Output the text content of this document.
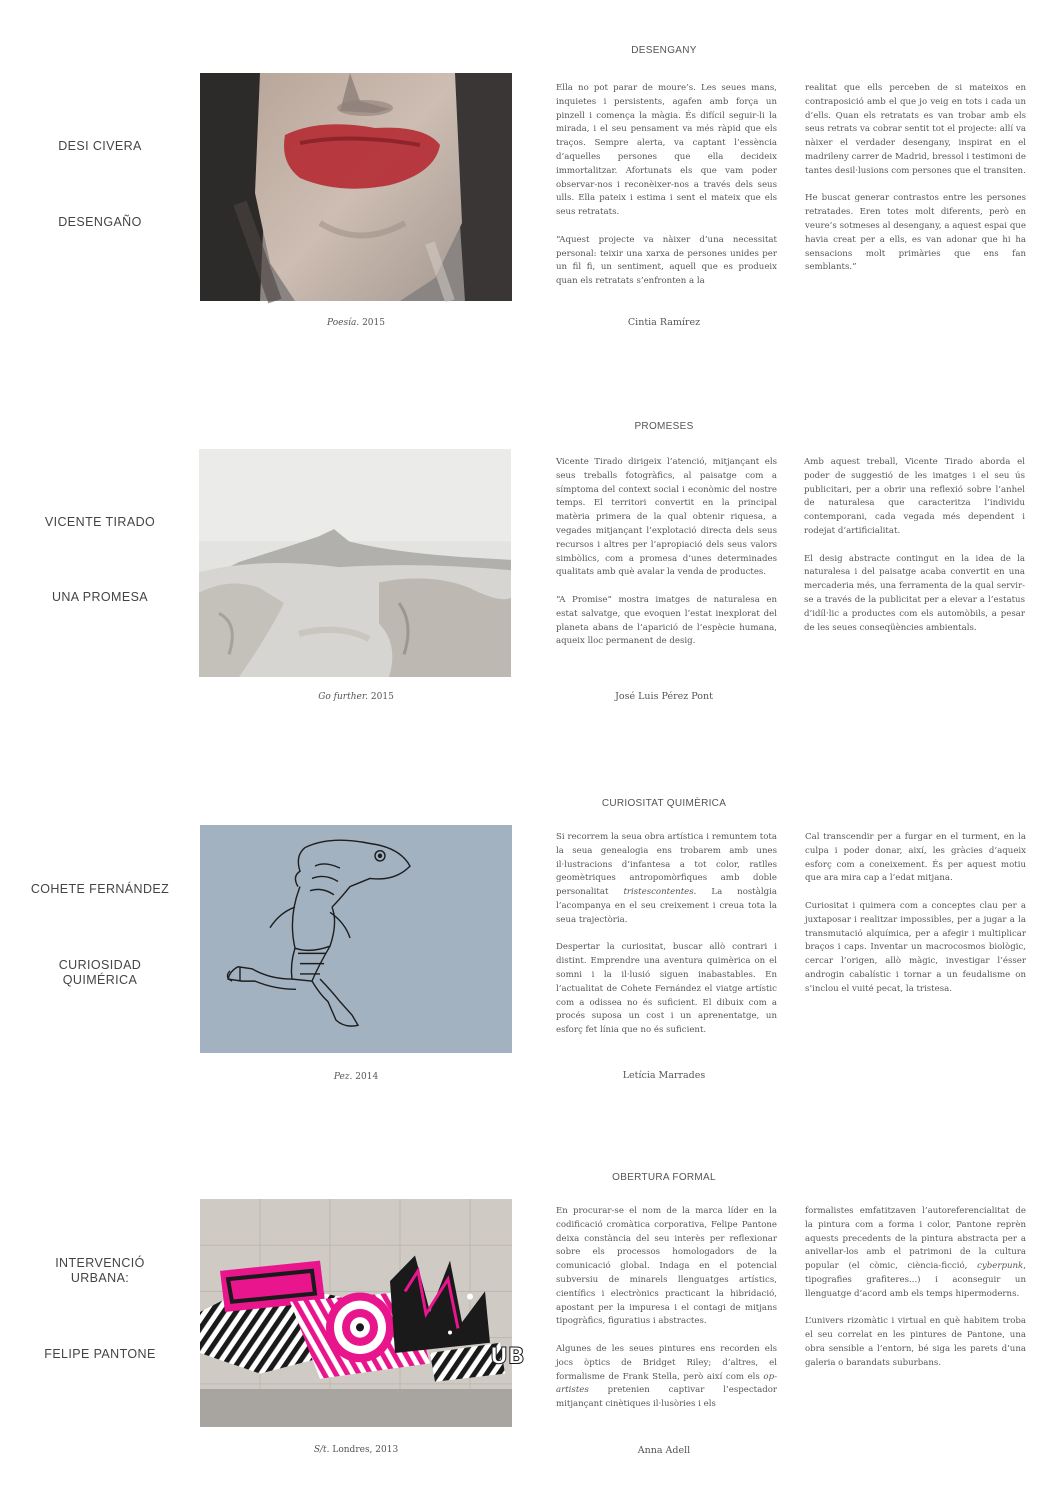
DESENGANY
DESI CIVERA
DESENGAÑO

Ella no pot parar de moure’s. Les seues mans, inquietes i persistents, agafen amb força un pinzell i comença la màgia. És difícil seguir-li la mirada, i el seu pensament va més ràpid que els traços. Sempre alerta, va captant l’essència d’aquelles persones que ella decideix immortalitzar. Afortunats els que vam poder observar-nos i reconèixer-nos a través dels seus ulls. Ella pateix i estima i sent el mateix que els seus retratats.

“Aquest projecte va nàixer d’una necessitat personal: teixir una xarxa de persones unides per un fil fi, un sentiment, aquell que es produeix quan els retratats s’enfronten a la

realitat que ells perceben de si mateixos en contraposició amb el que jo veig en tots i cada un d’ells. Quan els retratats es van trobar amb els seus retrats va cobrar sentit tot el projecte: allí va nàixer el verdader desengany, inspirat en el madrileny carrer de Madrid, bressol i testimoni de tantes desil·lusions com persones que el transiten.

He buscat generar contrastos entre les persones retratades. Eren totes molt diferents, però en veure’s sotmeses al desengany, a aquest espai que havia creat per a ells, es van adonar que hi ha sensacions molt primàries que ens fan semblants.”

Poesía. 2015	Cintia Ramírez
PROMESES
VICENTE TIRADO
UNA PROMESA

Vicente Tirado dirigeix l’atenció, mitjançant els seus treballs fotogràfics, al paisatge com a símptoma del context social i econòmic del nostre temps. El territori convertit en la principal matèria primera de la qual obtenir riquesa, a vegades mitjançant l’explotació directa dels seus recursos i altres per l’apropiació dels seus valors simbòlics, com a promesa d’unes determinades qualitats amb què avalar la venda de productes.

“A Promise” mostra imatges de naturalesa en estat salvatge, que evoquen l’estat inexplorat del planeta abans de l’aparició de l’espècie humana, aqueix lloc permanent de desig.

Amb aquest treball, Vicente Tirado aborda el poder de suggestió de les imatges i el seu ús publicitari, per a obrir una reflexió sobre l’anhel de naturalesa que caracteritza l’individu contemporani, cada vegada més dependent i rodejat d’artificialitat.

El desig abstracte contingut en la idea de la naturalesa i del paisatge acaba convertit en una mercaderia més, una ferramenta de la qual servir-se a través de la publicitat per a elevar a l’estatus d’idíl·lic a productes com els automòbils, a pesar de les seues conseqüències ambientals.

Go further. 2015	José Luis Pérez Pont
CURIOSITAT QUIMÈRICA
COHETE FERNÁNDEZ
CURIOSIDAD
QUIMÉRICA

Si recorrem la seua obra artística i remuntem tota la seua genealogia ens trobarem amb unes il·lustracions d’infantesa a tot color, ratlles geomètriques antropomòrfiques amb doble personalitat tristescontentes. La nostàlgia l’acompanya en el seu creixement i creua tota la seua trajectòria.

Despertar la curiositat, buscar allò contrari i distint. Emprendre una aventura quimèrica on el somni i la il·lusió siguen inabastables. En l’actualitat de Cohete Fernández el viatge artístic com a odissea no és suficient. El dibuix com a procés suposa un cost i un aprenentatge, un esforç fet línia que no és suficient.

Cal transcendir per a furgar en el turment, en la culpa i poder donar, així, les gràcies d’aqueix esforç com a coneixement. És per aquest motiu que ara mira cap a l’edat mitjana.

Curiositat i quimera com a conceptes clau per a juxtaposar i realitzar impossibles, per a jugar a la transmutació alquímica, per a afegir i multiplicar braços i caps. Inventar un macrocosmos biològic, cercar l’origen, allò màgic, investigar l’ésser androgin cabalístic i tornar a un feudalisme on s’inclou el vuité pecat, la tristesa.

Pez. 2014	Letícia Marrades
OBERTURA FORMAL
INTERVENCIÓ
URBANA:
FELIPE PANTONE	UB

En procurar-se el nom de la marca líder en la codificació cromàtica corporativa, Felipe Pantone deixa constància del seu interès per reflexionar sobre els processos homologadors de la comunicació global. Indaga en el potencial subversiu de minarels llenguatges artístics, científics i electrònics practicant la hibridació, apostant per la impuresa i el contagi de mitjans tipogràfics, figuratius i abstractes.

Algunes de les seues pintures ens recorden els jocs òptics de Bridget Riley; d’altres, el formalisme de Frank Stella, però així com els op-artistes pretenien captivar l’espectador mitjançant cinètiques il·lusòries i els

formalistes emfatitzaven l’autoreferencialitat de la pintura com a forma i color, Pantone reprèn aquests precedents de la pintura abstracta per a anivellar-los amb el patrimoni de la cultura popular (el còmic, ciència-ficció, cyberpunk, tipografies grafiteres...) i aconseguir un llenguatge d’acord amb els temps hipermoderns.

L’univers rizomàtic i virtual en què habitem troba el seu correlat en les pintures de Pantone, una obra sensible a l’entorn, bé siga les parets d’una galeria o barandats suburbans.

S/t. Londres, 2013	Anna Adell
